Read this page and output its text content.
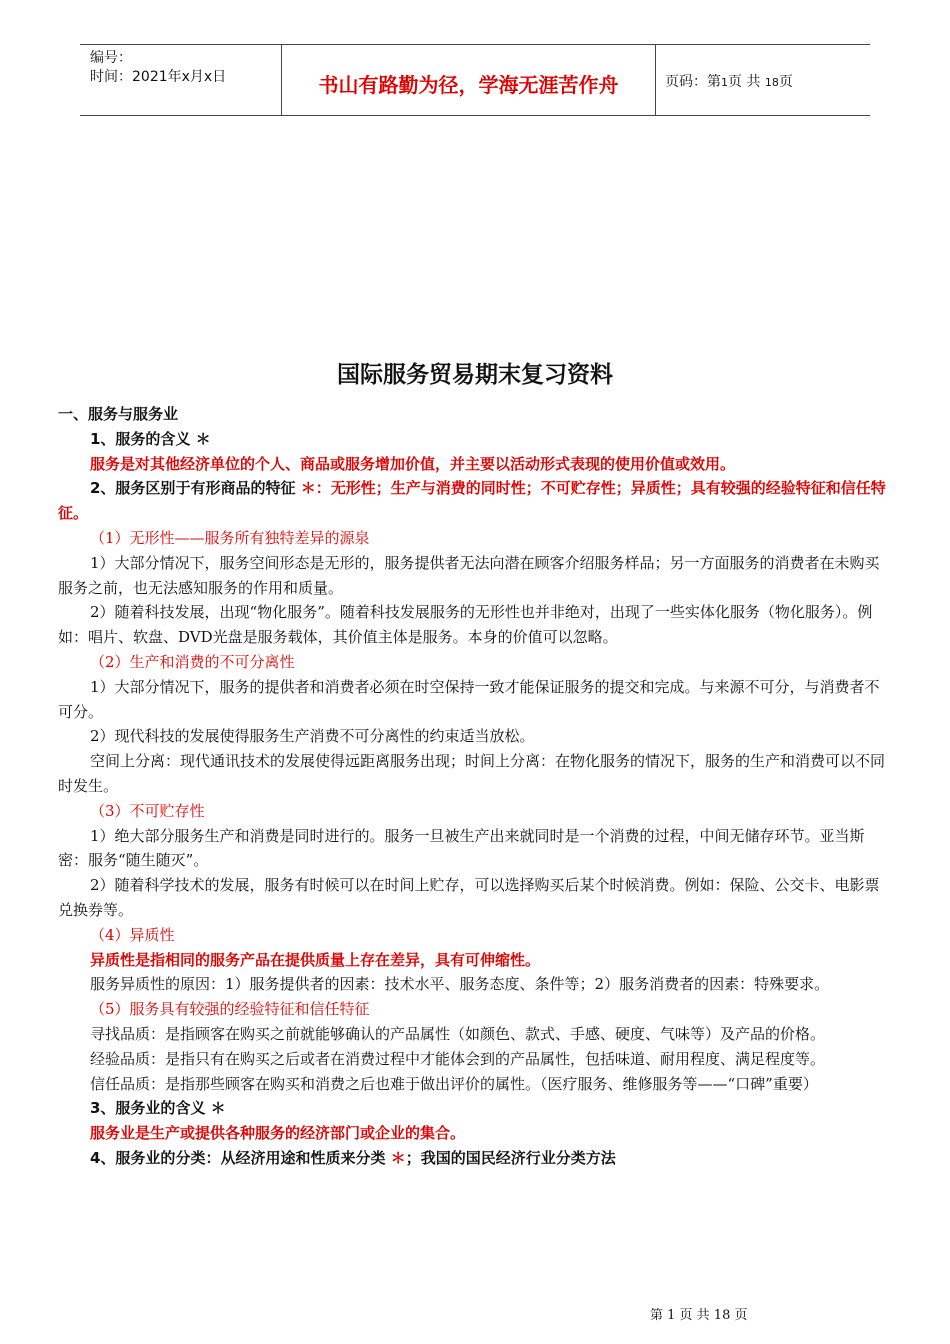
编号：
时间：2021年x月x日	书山有路勤为径，学海无涯苦作舟	页码：第1页 共 18页
国际服务贸易期末复习资料

一、服务与服务业

1、服务的含义 ＊

服务是对其他经济单位的个人、商品或服务增加价值，并主要以活动形式表现的使用价值或效用。

2、服务区别于有形商品的特征 ＊：无形性；生产与消费的同时性；不可贮存性；异质性；具有较强的经验特征和信任特征。

（1）无形性——服务所有独特差异的源泉

1）大部分情况下，服务空间形态是无形的，服务提供者无法向潜在顾客介绍服务样品；另一方面服务的消费者在未购买服务之前，也无法感知服务的作用和质量。

2）随着科技发展，出现“物化服务”。随着科技发展服务的无形性也并非绝对，出现了一些实体化服务（物化服务）。例如：唱片、软盘、DVD光盘是服务载体，其价值主体是服务。本身的价值可以忽略。

（2）生产和消费的不可分离性

1）大部分情况下，服务的提供者和消费者必须在时空保持一致才能保证服务的提交和完成。与来源不可分，与消费者不可分。

2）现代科技的发展使得服务生产消费不可分离性的约束适当放松。

空间上分离：现代通讯技术的发展使得远距离服务出现；时间上分离：在物化服务的情况下，服务的生产和消费可以不同时发生。

（3）不可贮存性

1）绝大部分服务生产和消费是同时进行的。服务一旦被生产出来就同时是一个消费的过程，中间无储存环节。亚当斯密：服务“随生随灭”。

2）随着科学技术的发展，服务有时候可以在时间上贮存，可以选择购买后某个时候消费。例如：保险、公交卡、电影票兑换券等。

（4）异质性

异质性是指相同的服务产品在提供质量上存在差异，具有可伸缩性。

服务异质性的原因：1）服务提供者的因素：技术水平、服务态度、条件等；2）服务消费者的因素：特殊要求。

（5）服务具有较强的经验特征和信任特征

寻找品质：是指顾客在购买之前就能够确认的产品属性（如颜色、款式、手感、硬度、气味等）及产品的价格。

经验品质：是指只有在购买之后或者在消费过程中才能体会到的产品属性，包括味道、耐用程度、满足程度等。

信任品质：是指那些顾客在购买和消费之后也难于做出评价的属性。（医疗服务、维修服务等——“口碑”重要）

3、服务业的含义 ＊

服务业是生产或提供各种服务的经济部门或企业的集合。

4、服务业的分类：从经济用途和性质来分类 ＊；我国的国民经济行业分类方法

第 1 页 共 18 页
